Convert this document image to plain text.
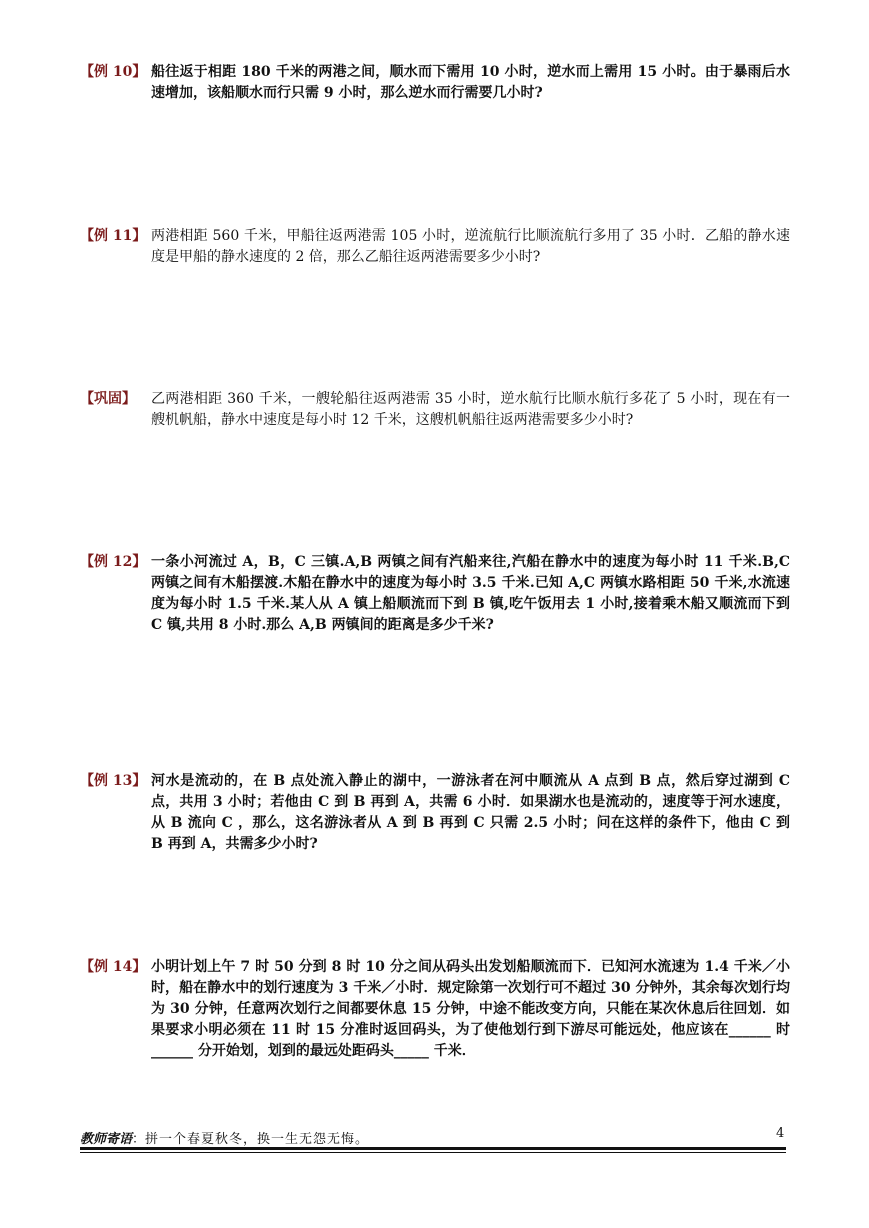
【例 10】 船往返于相距 180 千米的两港之间，顺水而下需用 10 小时，逆水而上需用 15 小时。由于暴雨后水速增加，该船顺水而行只需 9 小时，那么逆水而行需要几小时?
【例 11】 两港相距 560 千米，甲船往返两港需 105 小时，逆流航行比顺流航行多用了 35 小时．乙船的静水速度是甲船的静水速度的 2 倍，那么乙船往返两港需要多少小时?
【巩固】 乙两港相距 360 千米，一艘轮船往返两港需 35 小时，逆水航行比顺水航行多花了 5 小时，现在有一艘机帆船，静水中速度是每小时 12 千米，这艘机帆船往返两港需要多少小时?
【例 12】 一条小河流过 A，B，C 三镇.A,B 两镇之间有汽船来往,汽船在静水中的速度为每小时 11 千米.B,C 两镇之间有木船摆渡.木船在静水中的速度为每小时 3.5 千米.已知 A,C 两镇水路相距 50 千米,水流速度为每小时 1.5 千米.某人从 A 镇上船顺流而下到 B 镇,吃午饭用去 1 小时,接着乘木船又顺流而下到 C 镇,共用 8 小时.那么 A,B 两镇间的距离是多少千米?
【例 13】 河水是流动的，在 B 点处流入静止的湖中，一游泳者在河中顺流从 A 点到 B 点，然后穿过湖到 C 点，共用 3 小时；若他由 C 到 B 再到 A，共需 6 小时．如果湖水也是流动的，速度等于河水速度，从 B 流向 C ，那么，这名游泳者从 A 到 B 再到 C 只需 2.5 小时；问在这样的条件下，他由 C 到 B 再到 A，共需多少小时?
【例 14】 小明计划上午 7 时 50 分到 8 时 10 分之间从码头出发划船顺流而下．已知河水流速为 1.4 千米／小时，船在静水中的划行速度为 3 千米／小时．规定除第一次划行可不超过 30 分钟外，其余每次划行均为 30 分钟，任意两次划行之间都要休息 15 分钟，中途不能改变方向，只能在某次休息后往回划．如果要求小明必须在 11 时 15 分准时返回码头，为了使他划行到下游尽可能远处，他应该在______ 时______ 分开始划，划到的最远处距码头_____ 千米．
教师寄语：拼一个春夏秋冬，换一生无怨无悔。	4
